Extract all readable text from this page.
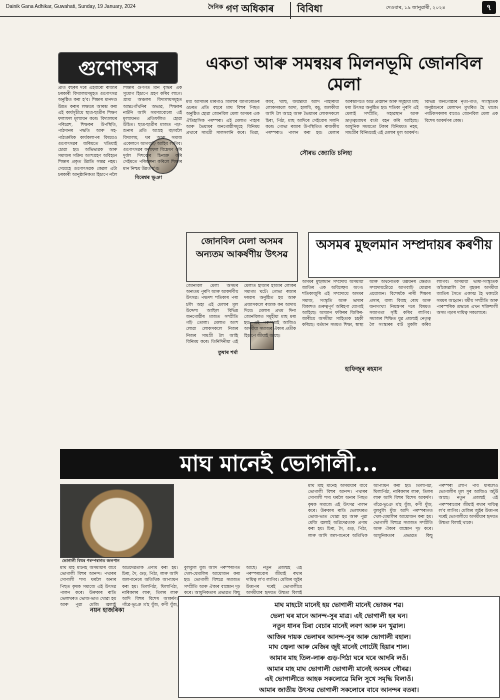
Dainik Gana Adhikar, Guwahati, Sunday, 19 January, 2024	$^{দৈনিক}$ গণ অধিকাৰ	বিবিধা	দেওবাৰ, ১৯ জানুৱাৰী, ২০২৪	৭
গুণোৎসৱ
বিৰেশ্বৰ ভূঞা
প্ৰতি বছৰৰ দৰে এইবাৰো ৰাজ্যৰ চৰকাৰী বিদ্যালয়সমূহত গুণোৎসৱ অনুষ্ঠিত কৰা হ'ব। শিক্ষাৰ মানদণ্ড উন্নত কৰাৰ লক্ষ্যৰে আৰম্ভ কৰা এই কাৰ্যসূচীয়ে ছাত্ৰ-ছাত্ৰীৰ শিক্ষণ ফলাফল মূল্যায়ন কৰে। বিদ্যালয়ৰ পৰিৱেশ, শিক্ষকৰ উপস্থিতি, পাঠদানৰ পদ্ধতি আৰু সহ-পাঠ্যক্ৰমিক কাৰ্যকলাপৰ বিষয়েও গুণোৎসৱৰ জৰিয়তে খতিয়াই চোৱা হয়। অভিভাৱক আৰু সমাজৰ সক্ৰিয় অংশগ্ৰহণ অবিহনে শিক্ষাৰ প্ৰকৃত উন্নতি সম্ভৱ নহয়। সেয়েহে গুণোৎসৱক কেৱল এটা চৰকাৰী আনুষ্ঠানিকতা হিচাপে নলৈ শিক্ষাৰ গুণগত মান বৃদ্ধিৰ এক সুযোগ হিচাপে গ্ৰহণ কৰিব লাগে। গ্ৰাম্য অঞ্চলৰ বিদ্যালয়সমূহত আন্তঃগাঁথনিৰ অভাৱ, শিক্ষকৰ নাটনি আদি সমস্যাবোৰো এই মূল্যায়নত প্ৰতিফলিত হোৱা উচিত। ছাত্ৰ-ছাত্ৰীৰ মাজত পঢ়া-শুনাৰ প্ৰতি আগ্ৰহ বঢ়াবলৈ বিদ্যালয়, ঘৰ আৰু সমাজ একেলগে আগবাঢ়ি আহিব লাগিব। গুণোৎসৱৰ ফলাফল বিশ্লেষণ কৰি দুৰ্বল দিশবোৰ চিনাক্ত কৰি সেইমতে পৰিকল্পনা কৰিলে শিক্ষাৰ মান নিশ্চয় উন্নত হ'ব।
একতা আৰু সমন্বয়ৰ মিলনভূমি জোনবিল মেলা
সৌৰভ জ্যোতি চলিহা
মধ্য আসামৰ মৰিগাঁও জিলাৰ জাগীৰোডৰ ওচৰত প্ৰতি বছৰে মাঘ বিহুৰ পিছত অনুষ্ঠিত হোৱা জোনবিল মেলা অসমৰ এক ঐতিহাসিক পৰম্পৰা। এই মেলাত পাহাৰ আৰু ভৈয়ামৰ জনগোষ্ঠীসমূহে বিনিময় প্ৰথাৰে সামগ্ৰী সালসলনি কৰে। তিৱা, কাৰ্বি, খাছি, জয়ন্তীয়া আদি পাহাৰীয়া লোকসকলে আদা, হালধি, কচু, জলকীয়া আদি লৈ আহে আৰু ভৈয়ামৰ লোকসকলে চিৰা, পিঠা, মাছ আদিৰে সেইবোৰ সলনি কৰে। গোভা ৰজাৰ উপস্থিতিত ৰাজকীয় পৰম্পৰাও পালন কৰা হয়। মেলাৰ আৰম্ভণিতে অগ্নি প্ৰজ্বলন আৰু সমূহীয়া মাছ ধৰা উৎসৱ অনুষ্ঠিত হয়। শতিকা পুৰণি এই মেলাই সম্প্ৰীতি, সহাৱস্থান আৰু ভ্ৰাতৃত্ববোধৰ বাৰ্তা বহন কৰি আহিছে। আধুনিক সময়তো টকাৰ বিনিময়ত নহয়, সামগ্ৰীৰ বিনিময়েই এই মেলাৰ মূল আকৰ্ষণ। বিভিন্ন জনগোষ্ঠীৰ নৃত্য-গীত, সাংস্কৃতিক অনুষ্ঠানেৰে মেলাখন মুখৰিত হৈ থাকে। পৰ্যটকসকলৰ বাবেও জোনবিল মেলা এক বিশেষ আকৰ্ষণৰ কেন্দ্ৰ।
জোনবিল মেলা অসমৰ অন্যতম আকৰ্ষণীয় উৎসৱ
তুষাৰ শৰ্মা
জোনবিল মেলা অসমৰ অন্যতম পুৰণি আৰু আকৰ্ষণীয় উৎসৱ। পঞ্চদশ শতিকাৰ পৰা চলি অহা এই মেলাৰ মূল উদ্দেশ্য আছিল বিভিন্ন জনগোষ্ঠীৰ মাজত সম্প্ৰীতি গঢ়ি তোলা। মেলাত অংশ লোৱা লোকসকলে নিজৰ নিজৰ সামগ্ৰী লৈ আহি বিনিময় কৰে। তিনিদিনীয়া এই মেলাত হাজাৰ হাজাৰ লোকৰ সমাগম ঘটে। গোভা ৰজাৰ দৰবাৰ অনুষ্ঠিত হয় আৰু প্ৰজাসকলে ৰজাক কৰ আদায় দিয়ে। মেলাৰ প্ৰথম দিনা জোনবিলত সমূহীয়া মাছ মৰা হয়। এই পৰম্পৰাই আজিও অসমীয়া সমাজৰ ঐক্যৰ প্ৰতীক হিচাপে জীয়াই আছে।
অসমৰ মুছলমান সম্প্ৰদায়ৰ কৰণীয়
হাফিজুৰ ৰহমান
অসমৰ মুছলমান সম্প্ৰদায় অসমীয়া জাতিৰ এক অবিচ্ছেদ্য অংগ। শতিকাজুৰি এই সম্প্ৰদায়ে অসমৰ সমাজ, সংস্কৃতি আৰু ভাষাৰ বিকাশত গুৰুত্বপূৰ্ণ অৰিহণা যোগাই আহিছে। আজান ফকিৰৰ জিকিৰ-জাৰীয়ে অসমীয়া সাহিত্যক চহকী কৰিছে। বৰ্তমান সময়ত শিক্ষা, স্বাস্থ্য আৰু অৰ্থনৈতিক উন্নয়নৰ ক্ষেত্ৰত সম্প্ৰদায়টোৱে আগবাঢ়ি যোৱাৰ প্ৰয়োজন। বিশেষকৈ নাৰী শিক্ষাৰ প্ৰসাৰ, বাল্য বিবাহ ৰোধ আৰু জনসংখ্যা নিয়ন্ত্ৰণৰ দৰে বিষয়ত সজাগতা সৃষ্টি কৰিব লাগিব। সমাজৰ শিক্ষিত যুৱ প্ৰজন্মই নেতৃত্ব লৈ সংস্কাৰৰ বাট মুকলি কৰিব লাগিব। অসমীয়া ভাষা-সংস্কৃতিক আঁকোৱালি লৈ বৃহত্তৰ অসমীয়া জাতিৰ সৈতে একাত্ম হৈ থকাটো সময়ৰ আহ্বান। ধৰ্মীয় সম্প্ৰীতি আৰু পাৰস্পৰিক শ্ৰদ্ধাৰে এখন শক্তিশালী অসম গঢ়াৰ দায়িত্ব সকলোৰে।
মাঘ মানেই ভোগালী...
ভোগালী বিহুৰ পৰম্পৰাগত জলপান
নয়ন হাজৰিকা
মাঘ মাহ মানেই অসমীয়াৰ বাবে ভোগালী বিহুৰ আনন্দ। পথাৰৰ সোণালী শস্য ঘৰলৈ অনাৰ পিছত কৃষক সমাজে এই উৎসৱ পালন কৰে। উৰুকাৰ ৰাতি ভেলাঘৰত ভোজ-ভাত খোৱা হয় আৰু পুৱা মেজি জ্বলাই অগ্নিদেৱতাক প্ৰণাম কৰা হয়। চিৰা, দৈ, গুড়, পিঠা, লাৰু আদি জলপানেৰে অতিথিক আপ্যায়ন কৰা হয়। তিলপিঠা, ঘিলাপিঠা, নাৰিকলৰ লাৰু, তিলৰ লাৰু আদি বিহুৰ বিশেষ আকৰ্ষণ। গাঁৱে-ভূঞে ম'হ যুঁজ, কণী যুঁজ, বুলবুলি যুঁজ আদি পৰম্পৰাগত খেল-ধেমালিৰ আয়োজন কৰা হয়। ভোগালী বিহুৱে সমাজত সম্প্ৰীতি আৰু ঐক্যৰ বান্ধোন দৃঢ় কৰে। আধুনিকতাৰ প্ৰভাৱত কিছু আছে। নতুন প্ৰজন্মই এই পৰম্পৰাবোৰ জীয়াই ৰখাৰ দায়িত্ব ল'ব লাগিব। মেজিৰ জুইৰ উত্তাপৰ দৰেই ভোগালীয়ে অসমীয়াৰ হৃদয়ত উষ্মতা বিলাই
মাঘ মাহ মানেই অসমীয়াৰ বাবে ভোগালী বিহুৰ আনন্দ। পথাৰৰ সোণালী শস্য ঘৰলৈ অনাৰ পিছত কৃষক সমাজে এই উৎসৱ পালন কৰে। উৰুকাৰ ৰাতি ভেলাঘৰত ভোজ-ভাত খোৱা হয় আৰু পুৱা মেজি জ্বলাই অগ্নিদেৱতাক প্ৰণাম কৰা হয়। চিৰা, দৈ, গুড়, পিঠা, লাৰু আদি জলপানেৰে অতিথিক আপ্যায়ন কৰা হয়। তিলপিঠা, ঘিলাপিঠা, নাৰিকলৰ লাৰু, তিলৰ লাৰু আদি বিহুৰ বিশেষ আকৰ্ষণ। গাঁৱে-ভূঞে ম'হ যুঁজ, কণী যুঁজ, বুলবুলি যুঁজ আদি পৰম্পৰাগত খেল-ধেমালিৰ আয়োজন কৰা হয়। ভোগালী বিহুৱে সমাজত সম্প্ৰীতি আৰু ঐক্যৰ বান্ধোন দৃঢ় কৰে। আধুনিকতাৰ প্ৰভাৱত কিছু পৰম্পৰা লোপ পাব ধৰিলেও ভোগালীৰ মূল সুৰ আজিও অটুট আছে। নতুন প্ৰজন্মই এই পৰম্পৰাবোৰ জীয়াই ৰখাৰ দায়িত্ব ল'ব লাগিব। মেজিৰ জুইৰ উত্তাপৰ দৰেই ভোগালীয়ে অসমীয়াৰ হৃদয়ত উষ্মতা বিলাই থাকে।
মাঘ মাহটো মানেই হয় ভোগালী মানেই ভোজৰ শৱ।
ভেলা ঘৰ মানে আনন্দ-সুৰ মাত্ৰ। এই ভোগালী হৰ ঘন।
নতুন ধানৰ চিৰা বেচাৰ মানেই লবণ আৰু মন খুৱাল।
আজিৰ দায়ক ভেলাঘৰ আনন্দ-সুৰ আৰু ভোগালী বহাল।
মাঘ জ্বেলা আৰু মেজিৰ জুই মানেই গোটেই হিয়াৰ শাল।
আমাৰ মাহ তিল-লাৰু গুড়-পিঠা ঘৰে ঘৰে আদৰি লওঁ।
আমাৰ মাহ মাঘ ভোগালী ভোগালী মানেই অসমৰ গৌৰৱ।
এই ভোগালীতে আহক সকলোৱে মিলি সুখে সমৃদ্ধি বিলাওঁ।
আমাৰ জাতীয় উৎসৱ ভোগালী সকলোৰে বাবে আনন্দৰ বতৰা।
